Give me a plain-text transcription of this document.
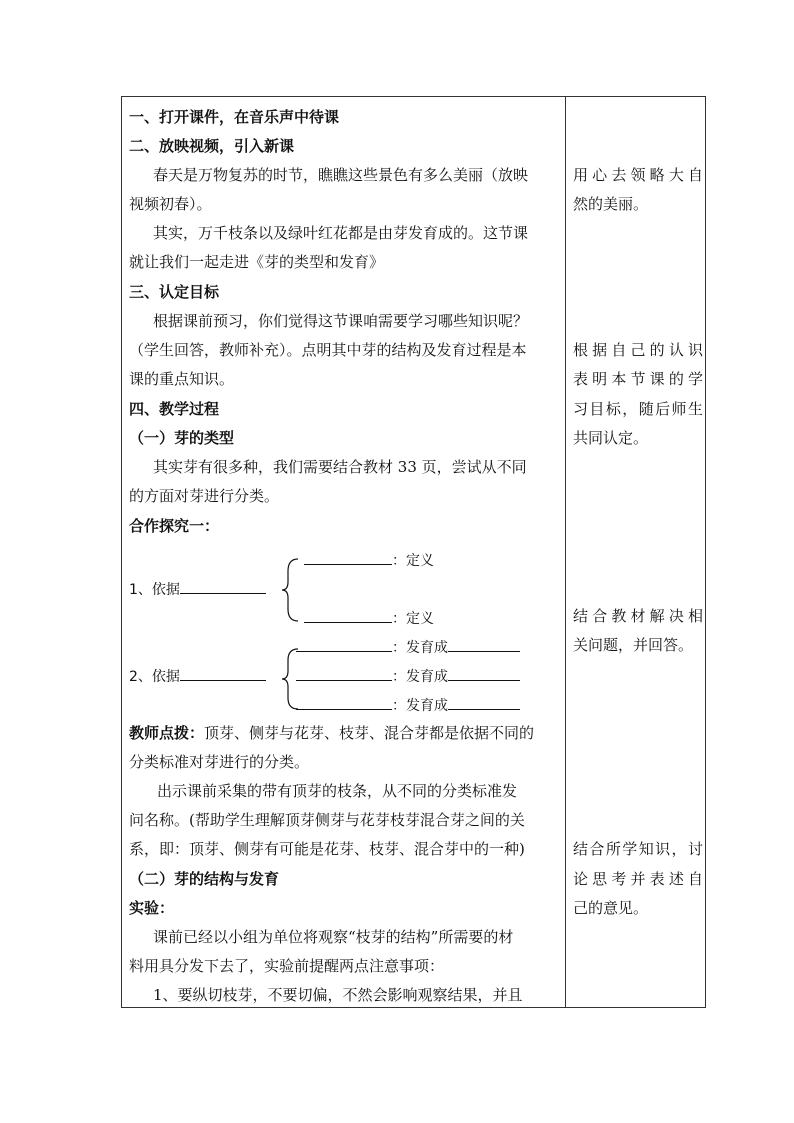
一、打开课件，在音乐声中待课
二、放映视频，引入新课
春天是万物复苏的时节，瞧瞧这些景色有多么美丽（放映
视频初春）。
其实，万千枝条以及绿叶红花都是由芽发育成的。这节课
就让我们一起走进《芽的类型和发育》
三、认定目标
根据课前预习，你们觉得这节课咱需要学习哪些知识呢？
（学生回答，教师补充）。点明其中芽的结构及发育过程是本
课的重点知识。
四、教学过程
（一）芽的类型
其实芽有很多种，我们需要结合教材 33 页，尝试从不同
的方面对芽进行分类。
合作探究一：
1、依据
：定义
：定义
2、依据
：发育成
：发育成
：发育成
教师点拨：顶芽、侧芽与花芽、枝芽、混合芽都是依据不同的
分类标准对芽进行的分类。
出示课前采集的带有顶芽的枝条，从不同的分类标准发
问名称。(帮助学生理解顶芽侧芽与花芽枝芽混合芽之间的关
系，即：顶芽、侧芽有可能是花芽、枝芽、混合芽中的一种)
（二）芽的结构与发育
实验：
课前已经以小组为单位将观察“枝芽的结构”所需要的材
料用具分发下去了，实验前提醒两点注意事项：
1、要纵切枝芽，不要切偏，不然会影响观察结果，并且
用心去领略大自
然的美丽。
根据自己的认识
表明本节课的学
习目标，随后师生
共同认定。
结合教材解决相
关问题，并回答。
结合所学知识，讨
论思考并表述自
己的意见。
